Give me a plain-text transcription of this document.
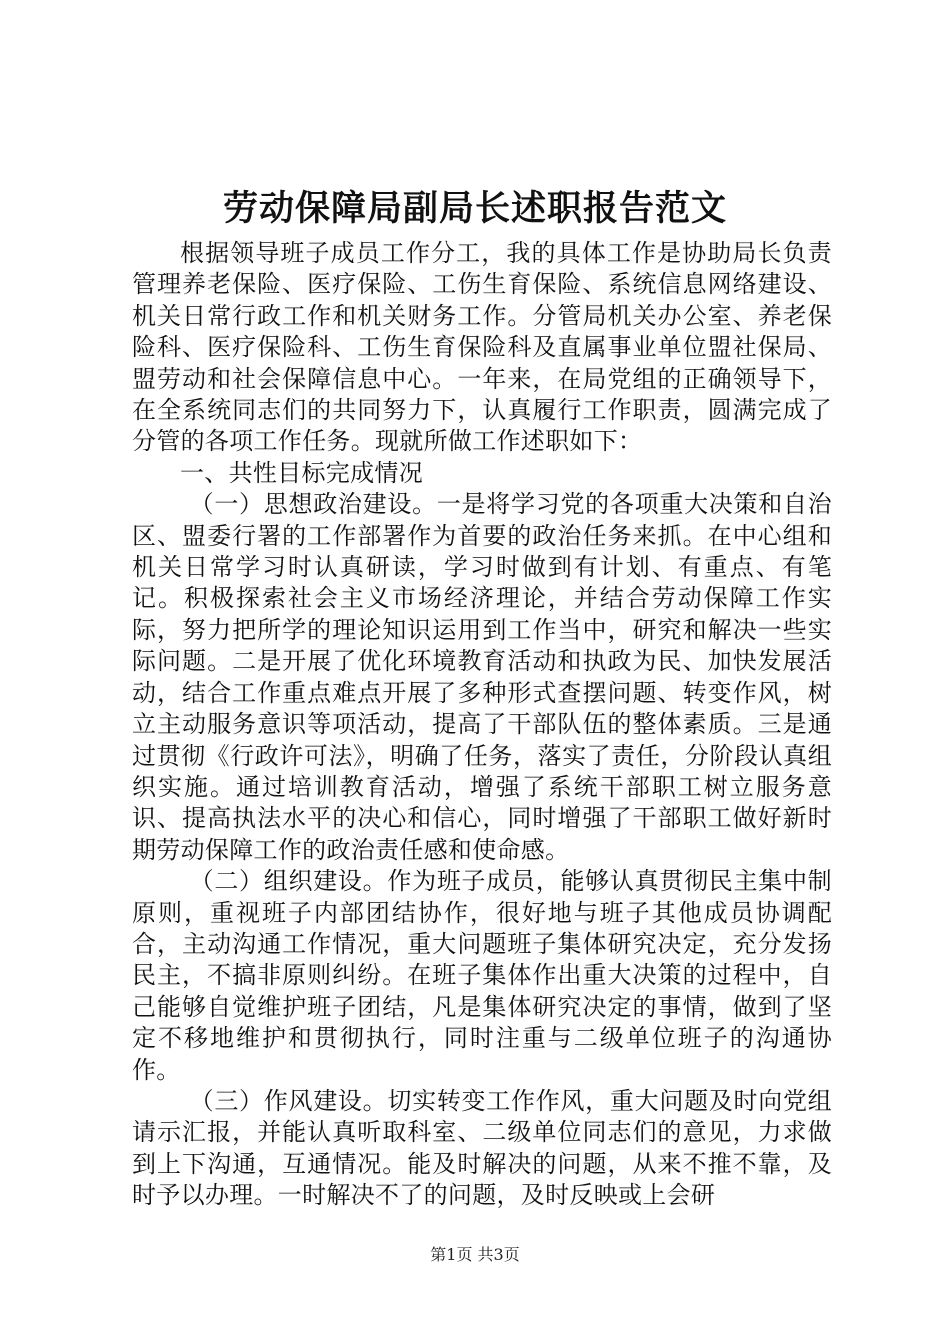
劳动保障局副局长述职报告范文

根据领导班子成员工作分工，我的具体工作是协助局长负责管理养老保险、医疗保险、工伤生育保险、系统信息网络建设、机关日常行政工作和机关财务工作。分管局机关办公室、养老保险科、医疗保险科、工伤生育保险科及直属事业单位盟社保局、盟劳动和社会保障信息中心。一年来，在局党组的正确领导下，在全系统同志们的共同努力下，认真履行工作职责，圆满完成了分管的各项工作任务。现就所做工作述职如下：

一、共性目标完成情况

（一）思想政治建设。一是将学习党的各项重大决策和自治区、盟委行署的工作部署作为首要的政治任务来抓。在中心组和机关日常学习时认真研读，学习时做到有计划、有重点、有笔记。积极探索社会主义市场经济理论，并结合劳动保障工作实际，努力把所学的理论知识运用到工作当中，研究和解决一些实际问题。二是开展了优化环境教育活动和执政为民、加快发展活动，结合工作重点难点开展了多种形式查摆问题、转变作风，树立主动服务意识等项活动，提高了干部队伍的整体素质。三是通过贯彻《行政许可法》，明确了任务，落实了责任，分阶段认真组织实施。通过培训教育活动，增强了系统干部职工树立服务意识、提高执法水平的决心和信心，同时增强了干部职工做好新时期劳动保障工作的政治责任感和使命感。

（二）组织建设。作为班子成员，能够认真贯彻民主集中制原则，重视班子内部团结协作，很好地与班子其他成员协调配合，主动沟通工作情况，重大问题班子集体研究决定，充分发扬民主，不搞非原则纠纷。在班子集体作出重大决策的过程中，自己能够自觉维护班子团结，凡是集体研究决定的事情，做到了坚定不移地维护和贯彻执行，同时注重与二级单位班子的沟通协作。

（三）作风建设。切实转变工作作风，重大问题及时向党组请示汇报，并能认真听取科室、二级单位同志们的意见，力求做到上下沟通，互通情况。能及时解决的问题，从来不推不靠，及时予以办理。一时解决不了的问题，及时反映或上会研

第1页 共3页
